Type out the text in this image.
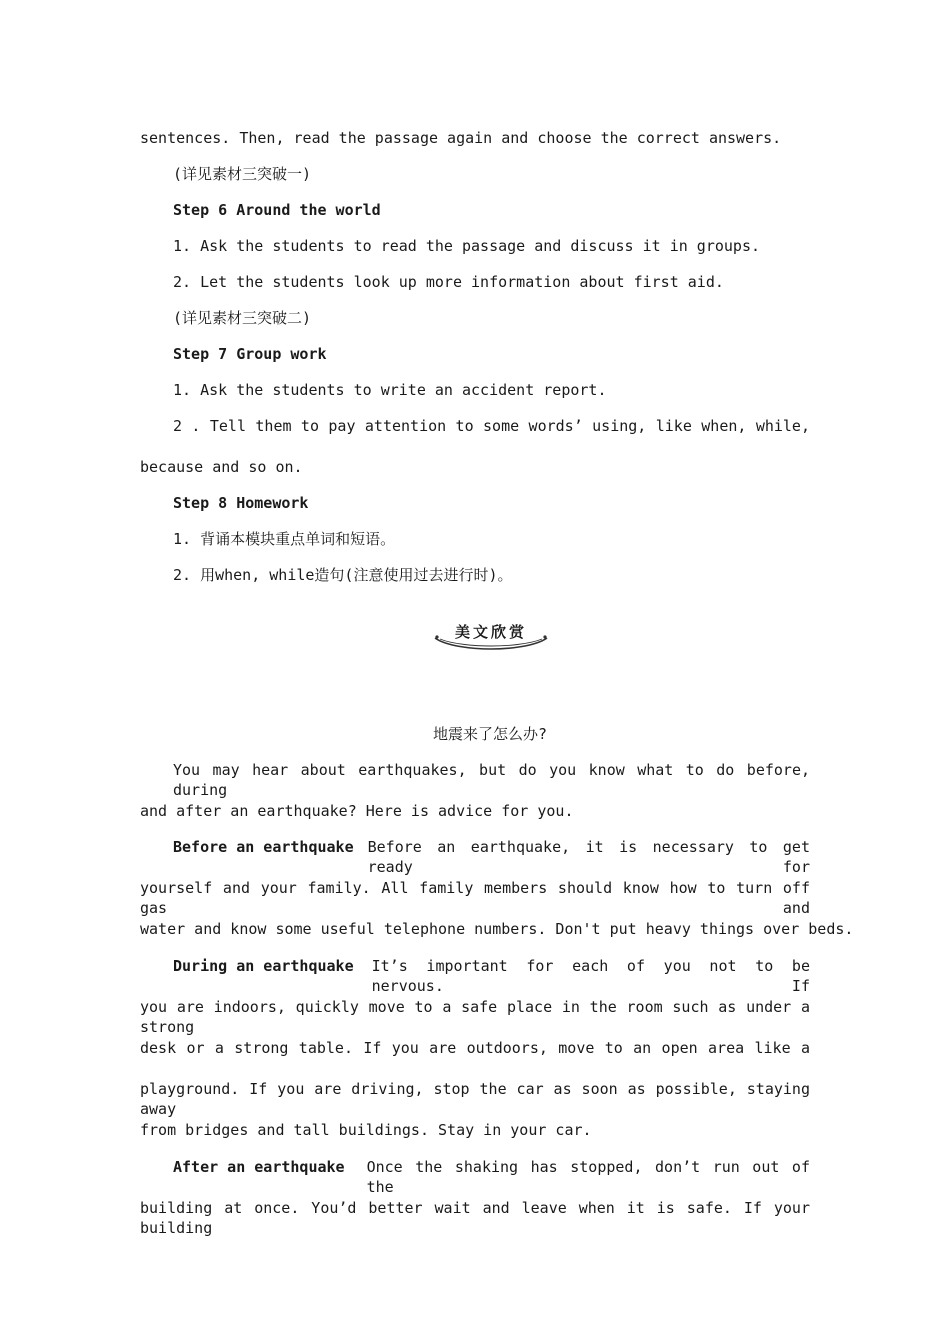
sentences. Then, read the passage again and choose the correct answers.
(详见素材三突破一)
Step 6 Around the world
1. Ask the students to read the passage and discuss it in groups.
2. Let the students look up more information about first aid.
(详见素材三突破二)
Step 7 Group work
1. Ask the students to write an accident report.
2 . Tell them to pay attention to some words’ using, like when, while,
because and so on.
Step 8 Homework
1. 背诵本模块重点单词和短语。
2. 用when, while造句(注意使用过去进行时)。
美文欣赏
地震来了怎么办?
You may hear about earthquakes, but do you know what to do before, during
and after an earthquake? Here is advice for you.
Before an earthquake Before an earthquake, it is necessary to get ready for
yourself and your family. All family members should know how to turn off gas and
water and know some useful telephone numbers. Don't put heavy things over beds.
During an earthquake It’s important for each of you not to be nervous. If
you are indoors, quickly move to a safe place in the room such as under a strong
desk or a strong table. If you are outdoors, move to an open area like a
playground. If you are driving, stop the car as soon as possible, staying away
from bridges and tall buildings. Stay in your car.
After an earthquake Once the shaking has stopped, don’t run out of the
building at once. You’d better wait and leave when it is safe. If your building
